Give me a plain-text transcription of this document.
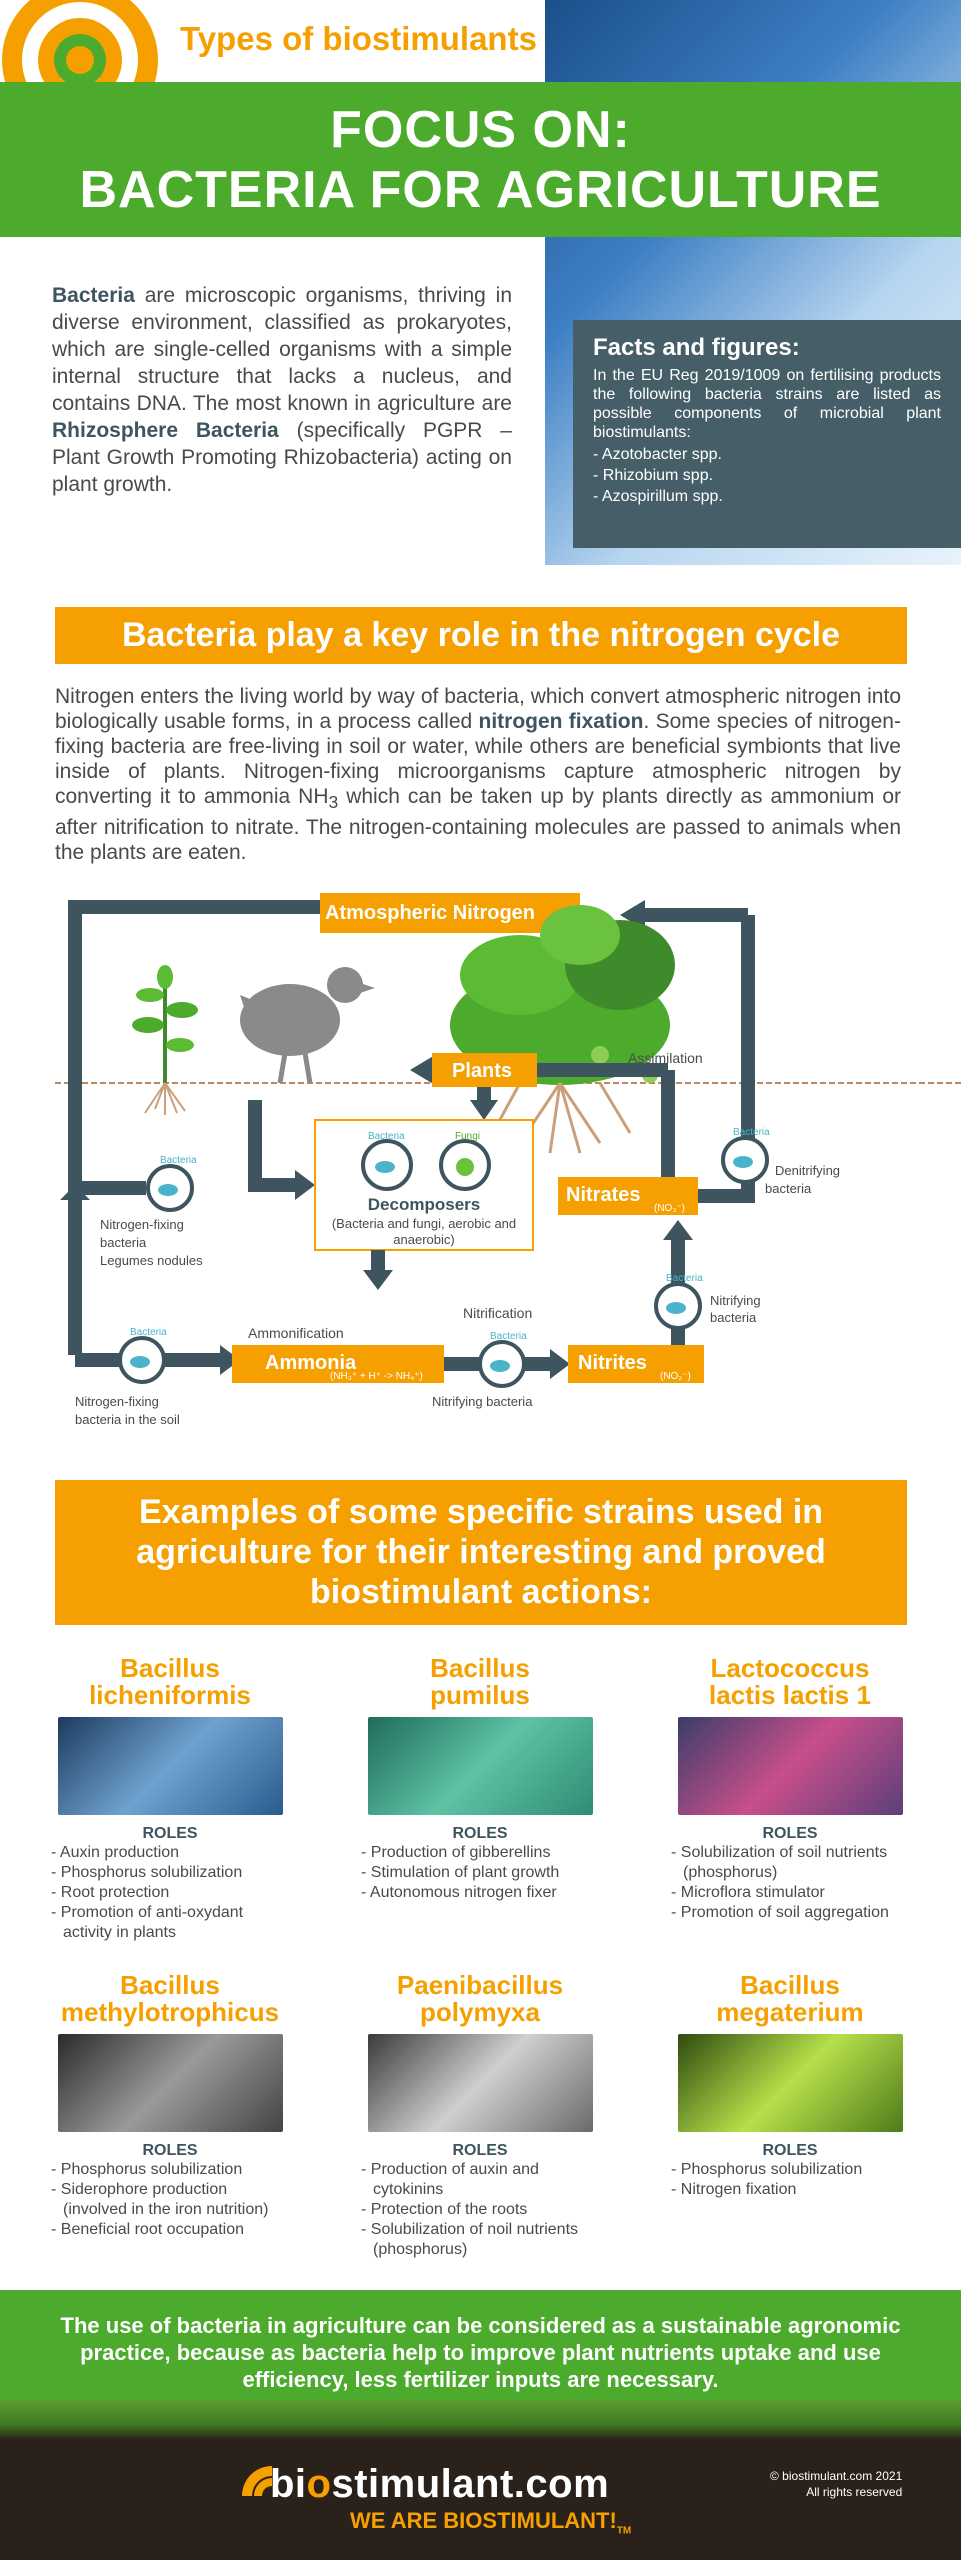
Types of biostimulants
FOCUS ON:
BACTERIA FOR AGRICULTURE

Bacteria are microscopic organisms, thriving in diverse environment, classified as prokaryotes, which are single-celled organisms with a simple internal structure that lacks a nucleus, and contains DNA. The most known in agriculture are Rhizosphere Bacteria (specifically PGPR – Plant Growth Promoting Rhizobacteria) acting on plant growth.

Facts and figures:
In the EU Reg 2019/1009 on fertilising products the following bacteria strains are listed as possible components of microbial plant biostimulants:
- Azotobacter spp.
- Rhizobium spp.
- Azospirillum spp.
Bacteria play a key role in the nitrogen cycle

Nitrogen enters the living world by way of bacteria, which convert atmospheric nitrogen into biologically usable forms, in a process called nitrogen fixation. Some species of nitrogen-fixing bacteria are free-living in soil or water, while others are beneficial symbionts that live inside of plants. Nitrogen-fixing microorganisms capture atmospheric nitrogen by converting it to ammonia $NH_3$ which can be taken up by plants directly as ammonium or after nitrification to nitrate. The nitrogen-containing molecules are passed to animals when the plants are eaten.

Atmospheric Nitrogen
Plants
Assimilation
Bacteria	Fungi
Decomposers
(Bacteria and fungi, aerobic and
anaerobic)
Ammonification
Bacteria
Nitrogen-fixing
bacteria
Legumes nodules
Bacteria
Nitrogen-fixing
bacteria in the soil
Ammonia
(NH₃⁺ + H⁺ -> NH₄⁺)
Bacteria
Nitrification
Nitrifying bacteria
Nitrites
(NO₂⁻)
Bacteria
Nitrifying
bacteria
Nitrates
(NO₃⁻)
Bacteria
Denitrifying
bacteria
Examples of some specific strains used in agriculture for their interesting and proved biostimulant actions:
Bacillus
licheniformis
ROLES
- Auxin production
- Phosphorus solubilization
- Root protection
- Promotion of anti-oxydant activity in plants
Bacillus
pumilus
ROLES
- Production of gibberellins
- Stimulation of plant growth
- Autonomous nitrogen fixer
Lactococcus
lactis lactis 1
ROLES
- Solubilization of soil nutrients (phosphorus)
- Microflora stimulator
- Promotion of soil aggregation
Bacillus
methylotrophicus
ROLES
- Phosphorus solubilization
- Siderophore production (involved in the iron nutrition)
- Beneficial root occupation
Paenibacillus
polymyxa
ROLES
- Production of auxin and cytokinins
- Protection of the roots
- Solubilization of noil nutrients (phosphorus)
Bacillus
megaterium
ROLES
- Phosphorus solubilization
- Nitrogen fixation
The use of bacteria in agriculture can be considered as a sustainable agronomic practice, because as bacteria help to improve plant nutrients uptake and use efficiency, less fertilizer inputs are necessary.
biostimulant.com
WE ARE $BIOSTIMULANT!_{TM}$
© biostimulant.com 2021
All rights reserved
